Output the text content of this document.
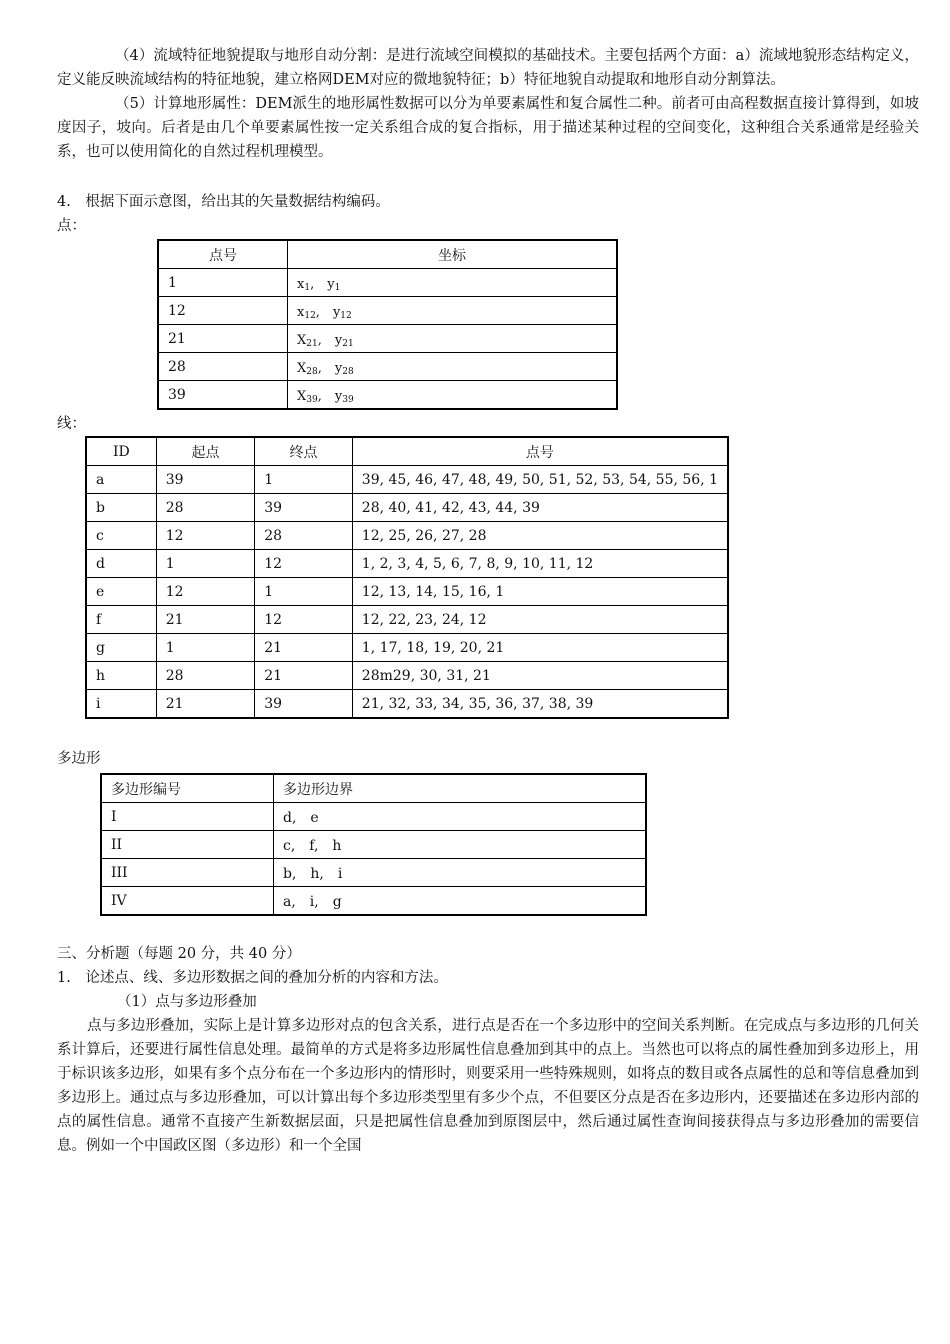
（4）流域特征地貌提取与地形自动分割：是进行流域空间模拟的基础技术。主要包括两个方面：a）流域地貌形态结构定义，定义能反映流域结构的特征地貌，建立格网DEM对应的微地貌特征；b）特征地貌自动提取和地形自动分割算法。

（5）计算地形属性：DEM派生的地形属性数据可以分为单要素属性和复合属性二种。前者可由高程数据直接计算得到，如坡度因子，坡向。后者是由几个单要素属性按一定关系组合成的复合指标，用于描述某种过程的空间变化，这种组合关系通常是经验关系，也可以使用简化的自然过程机理模型。

4.　根据下面示意图，给出其的矢量数据结构编码。
点：
点号	坐标
1	$x_1$,　$y_1$
12	$x_{12}$,　$y_{12}$
21	$X_{21}$,　$y_{21}$
28	$X_{28}$,　$y_{28}$
39	$X_{39}$,　$y_{39}$
线：
ID	起点	终点	点号
a	39	1	39, 45, 46, 47, 48, 49, 50, 51, 52, 53, 54, 55, 56, 1
b	28	39	28, 40, 41, 42, 43, 44, 39
c	12	28	12, 25, 26, 27, 28
d	1	12	1, 2, 3, 4, 5, 6, 7, 8, 9, 10, 11, 12
e	12	1	12, 13, 14, 15, 16, 1
f	21	12	12, 22, 23, 24, 12
g	1	21	1, 17, 18, 19, 20, 21
h	28	21	28m29, 30, 31, 21
i	21	39	21, 32, 33, 34, 35, 36, 37, 38, 39
多边形
多边形编号	多边形边界
I	d,　e
II	c,　f,　h
III	b,　h,　i
IV	a,　i,　g
三、分析题（每题 20 分，共 40 分）
1.　论述点、线、多边形数据之间的叠加分析的内容和方法。
（1）点与多边形叠加

点与多边形叠加，实际上是计算多边形对点的包含关系，进行点是否在一个多边形中的空间关系判断。在完成点与多边形的几何关系计算后，还要进行属性信息处理。最简单的方式是将多边形属性信息叠加到其中的点上。当然也可以将点的属性叠加到多边形上，用于标识该多边形，如果有多个点分布在一个多边形内的情形时，则要采用一些特殊规则，如将点的数目或各点属性的总和等信息叠加到多边形上。通过点与多边形叠加，可以计算出每个多边形类型里有多少个点，不但要区分点是否在多边形内，还要描述在多边形内部的点的属性信息。通常不直接产生新数据层面，只是把属性信息叠加到原图层中，然后通过属性查询间接获得点与多边形叠加的需要信息。例如一个中国政区图（多边形）和一个全国
